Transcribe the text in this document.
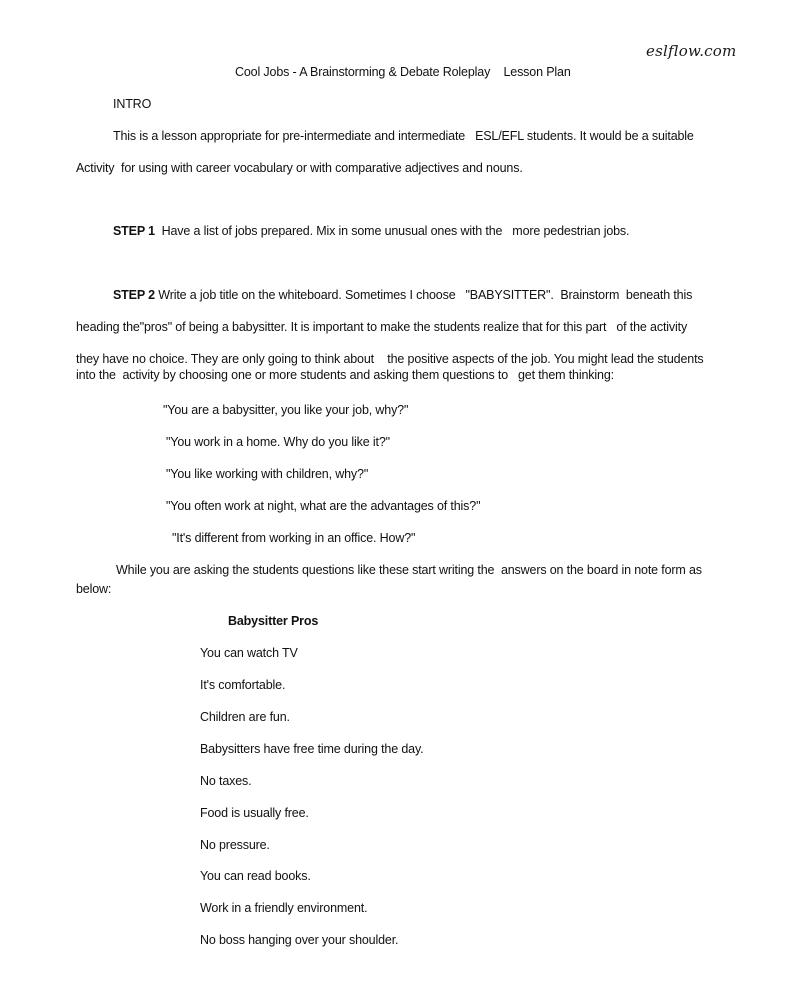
eslflow.com
Cool Jobs - A Brainstorming & Debate Roleplay    Lesson Plan
INTRO
This is a lesson appropriate for pre-intermediate and intermediate   ESL/EFL students. It would be a suitable
Activity  for using with career vocabulary or with comparative adjectives and nouns.
STEP 1  Have a list of jobs prepared. Mix in some unusual ones with the   more pedestrian jobs.
STEP 2 Write a job title on the whiteboard. Sometimes I choose   "BABYSITTER".  Brainstorm  beneath this
heading the"pros" of being a babysitter. It is important to make the students realize that for this part   of the activity
they have no choice. They are only going to think about    the positive aspects of the job. You might lead the students
into the  activity by choosing one or more students and asking them questions to   get them thinking:
"You are a babysitter, you like your job, why?"
"You work in a home. Why do you like it?"
"You like working with children, why?"
"You often work at night, what are the advantages of this?"
"It's different from working in an office. How?"
While you are asking the students questions like these start writing the  answers on the board in note form as
below:
Babysitter Pros
You can watch TV
It's comfortable.
Children are fun.
Babysitters have free time during the day.
No taxes.
Food is usually free.
No pressure.
You can read books.
Work in a friendly environment.
No boss hanging over your shoulder.
